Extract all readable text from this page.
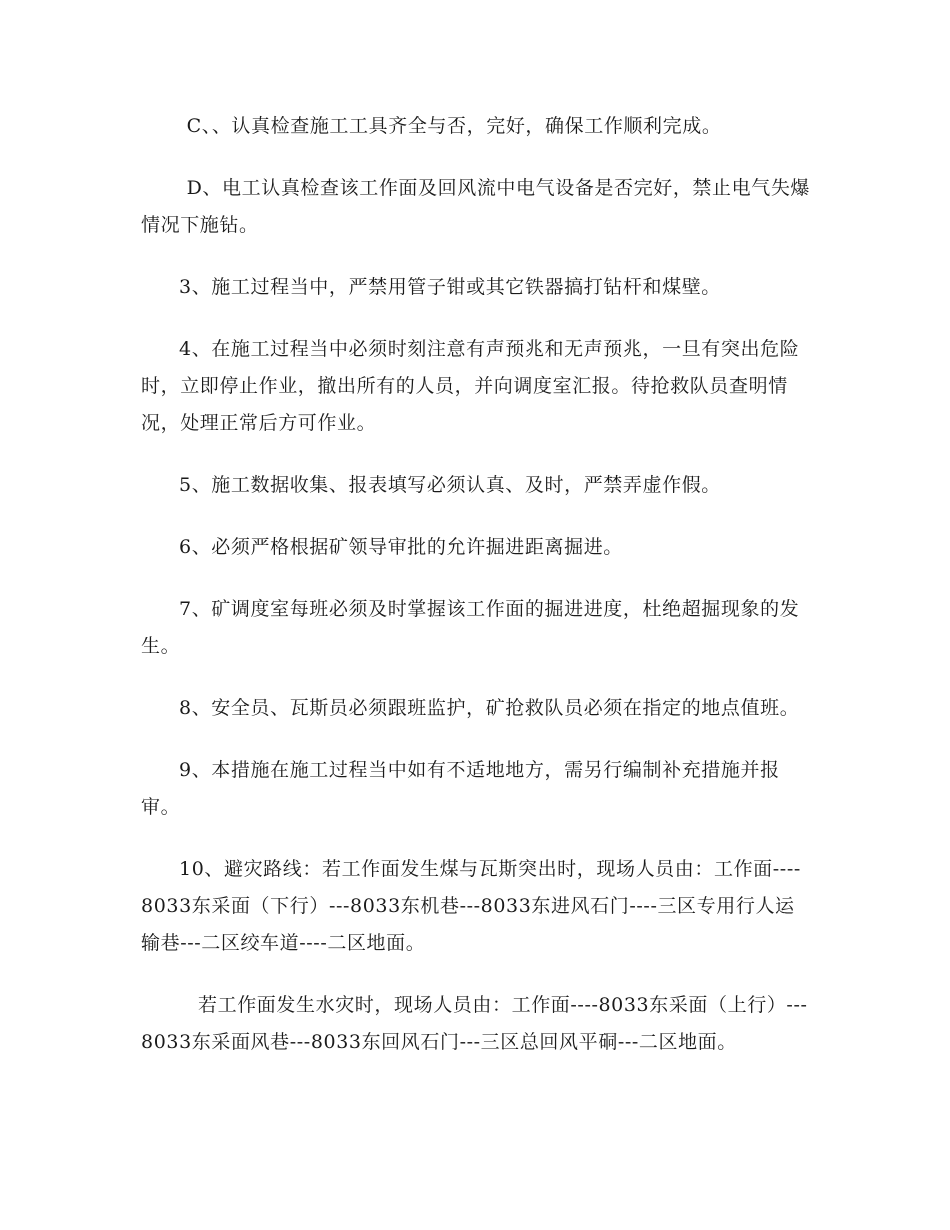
C、、认真检查施工工具齐全与否，完好，确保工作顺利完成。

D、电工认真检查该工作面及回风流中电气设备是否完好，禁止电气失爆情况下施钻。

3、施工过程当中，严禁用管子钳或其它铁器搞打钻杆和煤壁。

4、在施工过程当中必须时刻注意有声预兆和无声预兆，一旦有突出危险时，立即停止作业，撤出所有的人员，并向调度室汇报。待抢救队员查明情况，处理正常后方可作业。

5、施工数据收集、报表填写必须认真、及时，严禁弄虚作假。

6、必须严格根据矿领导审批的允许掘进距离掘进。

7、矿调度室每班必须及时掌握该工作面的掘进进度，杜绝超掘现象的发生。

8、安全员、瓦斯员必须跟班监护，矿抢救队员必须在指定的地点值班。

9、本措施在施工过程当中如有不适地地方，需另行编制补充措施并报审。

10、避灾路线：若工作面发生煤与瓦斯突出时，现场人员由：工作面----8033东采面（下行）---8033东机巷---8033东进风石门----三区专用行人运输巷---二区绞车道----二区地面。

若工作面发生水灾时，现场人员由：工作面----8033东采面（上行）---8033东采面风巷---8033东回风石门---三区总回风平硐---二区地面。
